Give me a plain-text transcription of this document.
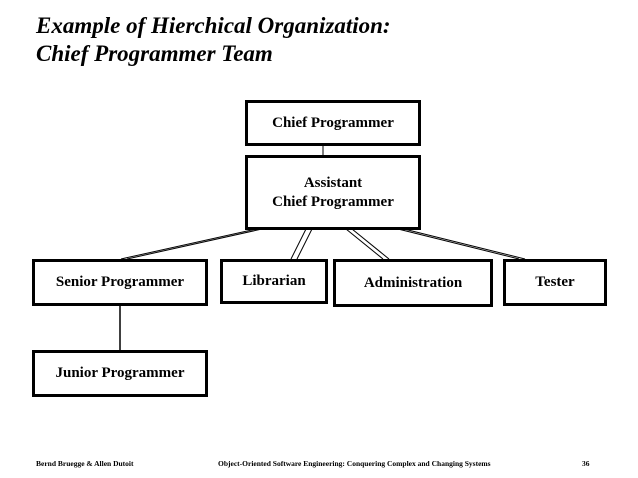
Example of Hierchical Organization:
Chief Programmer Team
Chief Programmer
Assistant
Chief Programmer
Senior Programmer	Librarian	Administration	Tester
Junior Programmer
Bernd Bruegge & Allen Dutoit	Object-Oriented Software Engineering: Conquering Complex and Changing Systems	36
